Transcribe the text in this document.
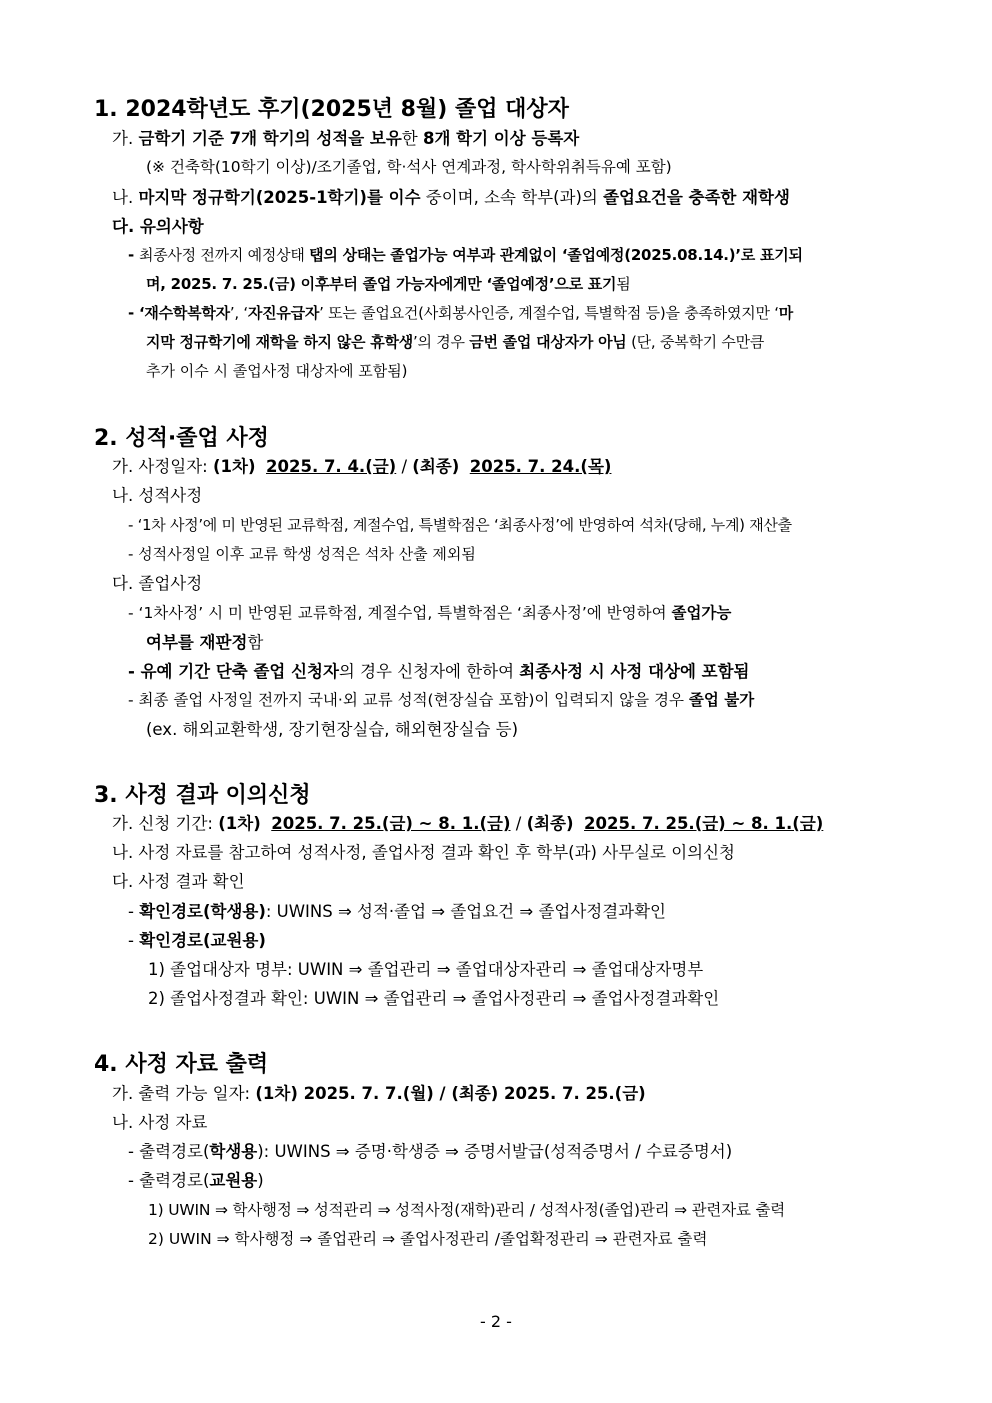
1. 2024학년도 후기(2025년 8월) 졸업 대상자
가. 금학기 기준 7개 학기의 성적을 보유한 8개 학기 이상 등록자
(※ 건축학(10학기 이상)/조기졸업, 학·석사 연계과정, 학사학위취득유예 포함)
나. 마지막 정규학기(2025-1학기)를 이수 중이며, 소속 학부(과)의 졸업요건을 충족한 재학생
다. 유의사항
- 최종사정 전까지 예정상태 탭의 상태는 졸업가능 여부과 관계없이 ‘졸업예정(2025.08.14.)’로 표기되
며, 2025. 7. 25.(금) 이후부터 졸업 가능자에게만 ‘졸업예정’으로 표기됨
- ‘재수학복학자’, ‘자진유급자’ 또는 졸업요건(사회봉사인증, 계절수업, 특별학점 등)을 충족하였지만 ‘마
지막 정규학기에 재학을 하지 않은 휴학생’의 경우 금번 졸업 대상자가 아님 (단, 중복학기 수만큼
추가 이수 시 졸업사정 대상자에 포함됨)
2. 성적·졸업 사정
가. 사정일자: (1차) 2025. 7. 4.(금) / (최종) 2025. 7. 24.(목)
나. 성적사정
- ‘1차 사정’에 미 반영된 교류학점, 계절수업, 특별학점은 ‘최종사정’에 반영하여 석차(당해, 누계) 재산출
- 성적사정일 이후 교류 학생 성적은 석차 산출 제외됨
다. 졸업사정
- ‘1차사정’ 시 미 반영된 교류학점, 계절수업, 특별학점은 ‘최종사정’에 반영하여 졸업가능
여부를 재판정함
- 유예 기간 단축 졸업 신청자의 경우 신청자에 한하여 최종사정 시 사정 대상에 포함됨
- 최종 졸업 사정일 전까지 국내·외 교류 성적(현장실습 포함)이 입력되지 않을 경우 졸업 불가
(ex. 해외교환학생, 장기현장실습, 해외현장실습 등)
3. 사정 결과 이의신청
가. 신청 기간: (1차) 2025. 7. 25.(금) ~ 8. 1.(금) / (최종) 2025. 7. 25.(금) ~ 8. 1.(금)
나. 사정 자료를 참고하여 성적사정, 졸업사정 결과 확인 후 학부(과) 사무실로 이의신청
다. 사정 결과 확인
- 확인경로(학생용): UWINS ⇒ 성적·졸업 ⇒ 졸업요건 ⇒ 졸업사정결과확인
- 확인경로(교원용)
1) 졸업대상자 명부: UWIN ⇒ 졸업관리 ⇒ 졸업대상자관리 ⇒ 졸업대상자명부
2) 졸업사정결과 확인: UWIN ⇒ 졸업관리 ⇒ 졸업사정관리 ⇒ 졸업사정결과확인
4. 사정 자료 출력
가. 출력 가능 일자: (1차) 2025. 7. 7.(월) / (최종) 2025. 7. 25.(금)
나. 사정 자료
- 출력경로(학생용): UWINS ⇒ 증명·학생증 ⇒ 증명서발급(성적증명서 / 수료증명서)
- 출력경로(교원용)
1) UWIN ⇒ 학사행정 ⇒ 성적관리 ⇒ 성적사정(재학)관리 / 성적사정(졸업)관리 ⇒ 관련자료 출력
2) UWIN ⇒ 학사행정 ⇒ 졸업관리 ⇒ 졸업사정관리 /졸업확정관리 ⇒ 관련자료 출력
- 2 -
